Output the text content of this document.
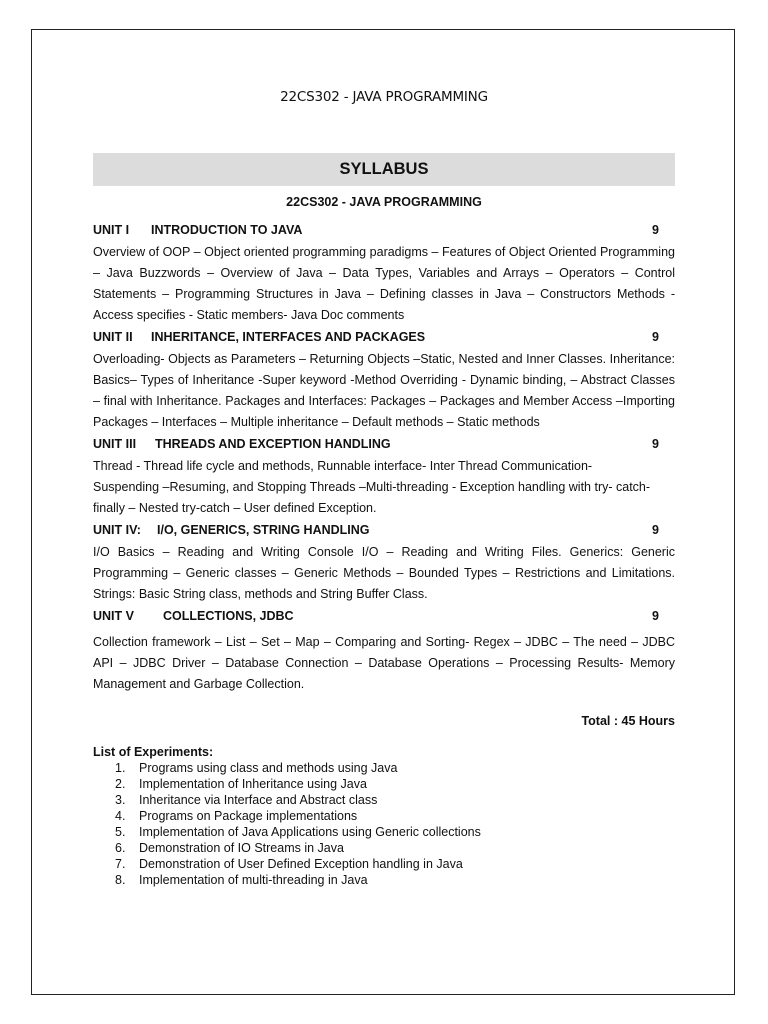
22CS302 - JAVA PROGRAMMING
SYLLABUS
22CS302 - JAVA PROGRAMMING
UNIT I INTRODUCTION TO JAVA	9

Overview of OOP – Object oriented programming paradigms – Features of Object Oriented Programming – Java Buzzwords – Overview of Java – Data Types, Variables and Arrays – Operators – Control Statements – Programming Structures in Java – Defining classes in Java – Constructors Methods -Access specifies - Static members- Java Doc comments

UNIT II INHERITANCE, INTERFACES AND PACKAGES	9

Overloading- Objects as Parameters – Returning Objects –Static, Nested and Inner Classes. Inheritance: Basics– Types of Inheritance -Super keyword -Method Overriding - Dynamic binding, – Abstract Classes – final with Inheritance. Packages and Interfaces: Packages – Packages and Member Access –Importing Packages – Interfaces – Multiple inheritance – Default methods – Static methods

UNIT III THREADS AND EXCEPTION HANDLING	9
Thread - Thread life cycle and methods, Runnable interface- Inter Thread Communication-
Suspending –Resuming, and Stopping Threads –Multi-threading - Exception handling with try- catch-
finally – Nested try-catch – User defined Exception.
UNIT IV: I/O, GENERICS, STRING HANDLING	9

I/O Basics – Reading and Writing Console I/O – Reading and Writing Files. Generics: Generic Programming – Generic classes – Generic Methods – Bounded Types – Restrictions and Limitations. Strings: Basic String class, methods and String Buffer Class.

UNIT V COLLECTIONS, JDBC	9

Collection framework – List – Set – Map – Comparing and Sorting- Regex – JDBC – The need – JDBC API – JDBC Driver – Database Connection – Database Operations – Processing Results- Memory Management and Garbage Collection.

Total : 45 Hours
List of Experiments:
1. Programs using class and methods using Java
2. Implementation of Inheritance using Java
3. Inheritance via Interface and Abstract class
4. Programs on Package implementations
5. Implementation of Java Applications using Generic collections
6. Demonstration of IO Streams in Java
7. Demonstration of User Defined Exception handling in Java
8. Implementation of multi-threading in Java
